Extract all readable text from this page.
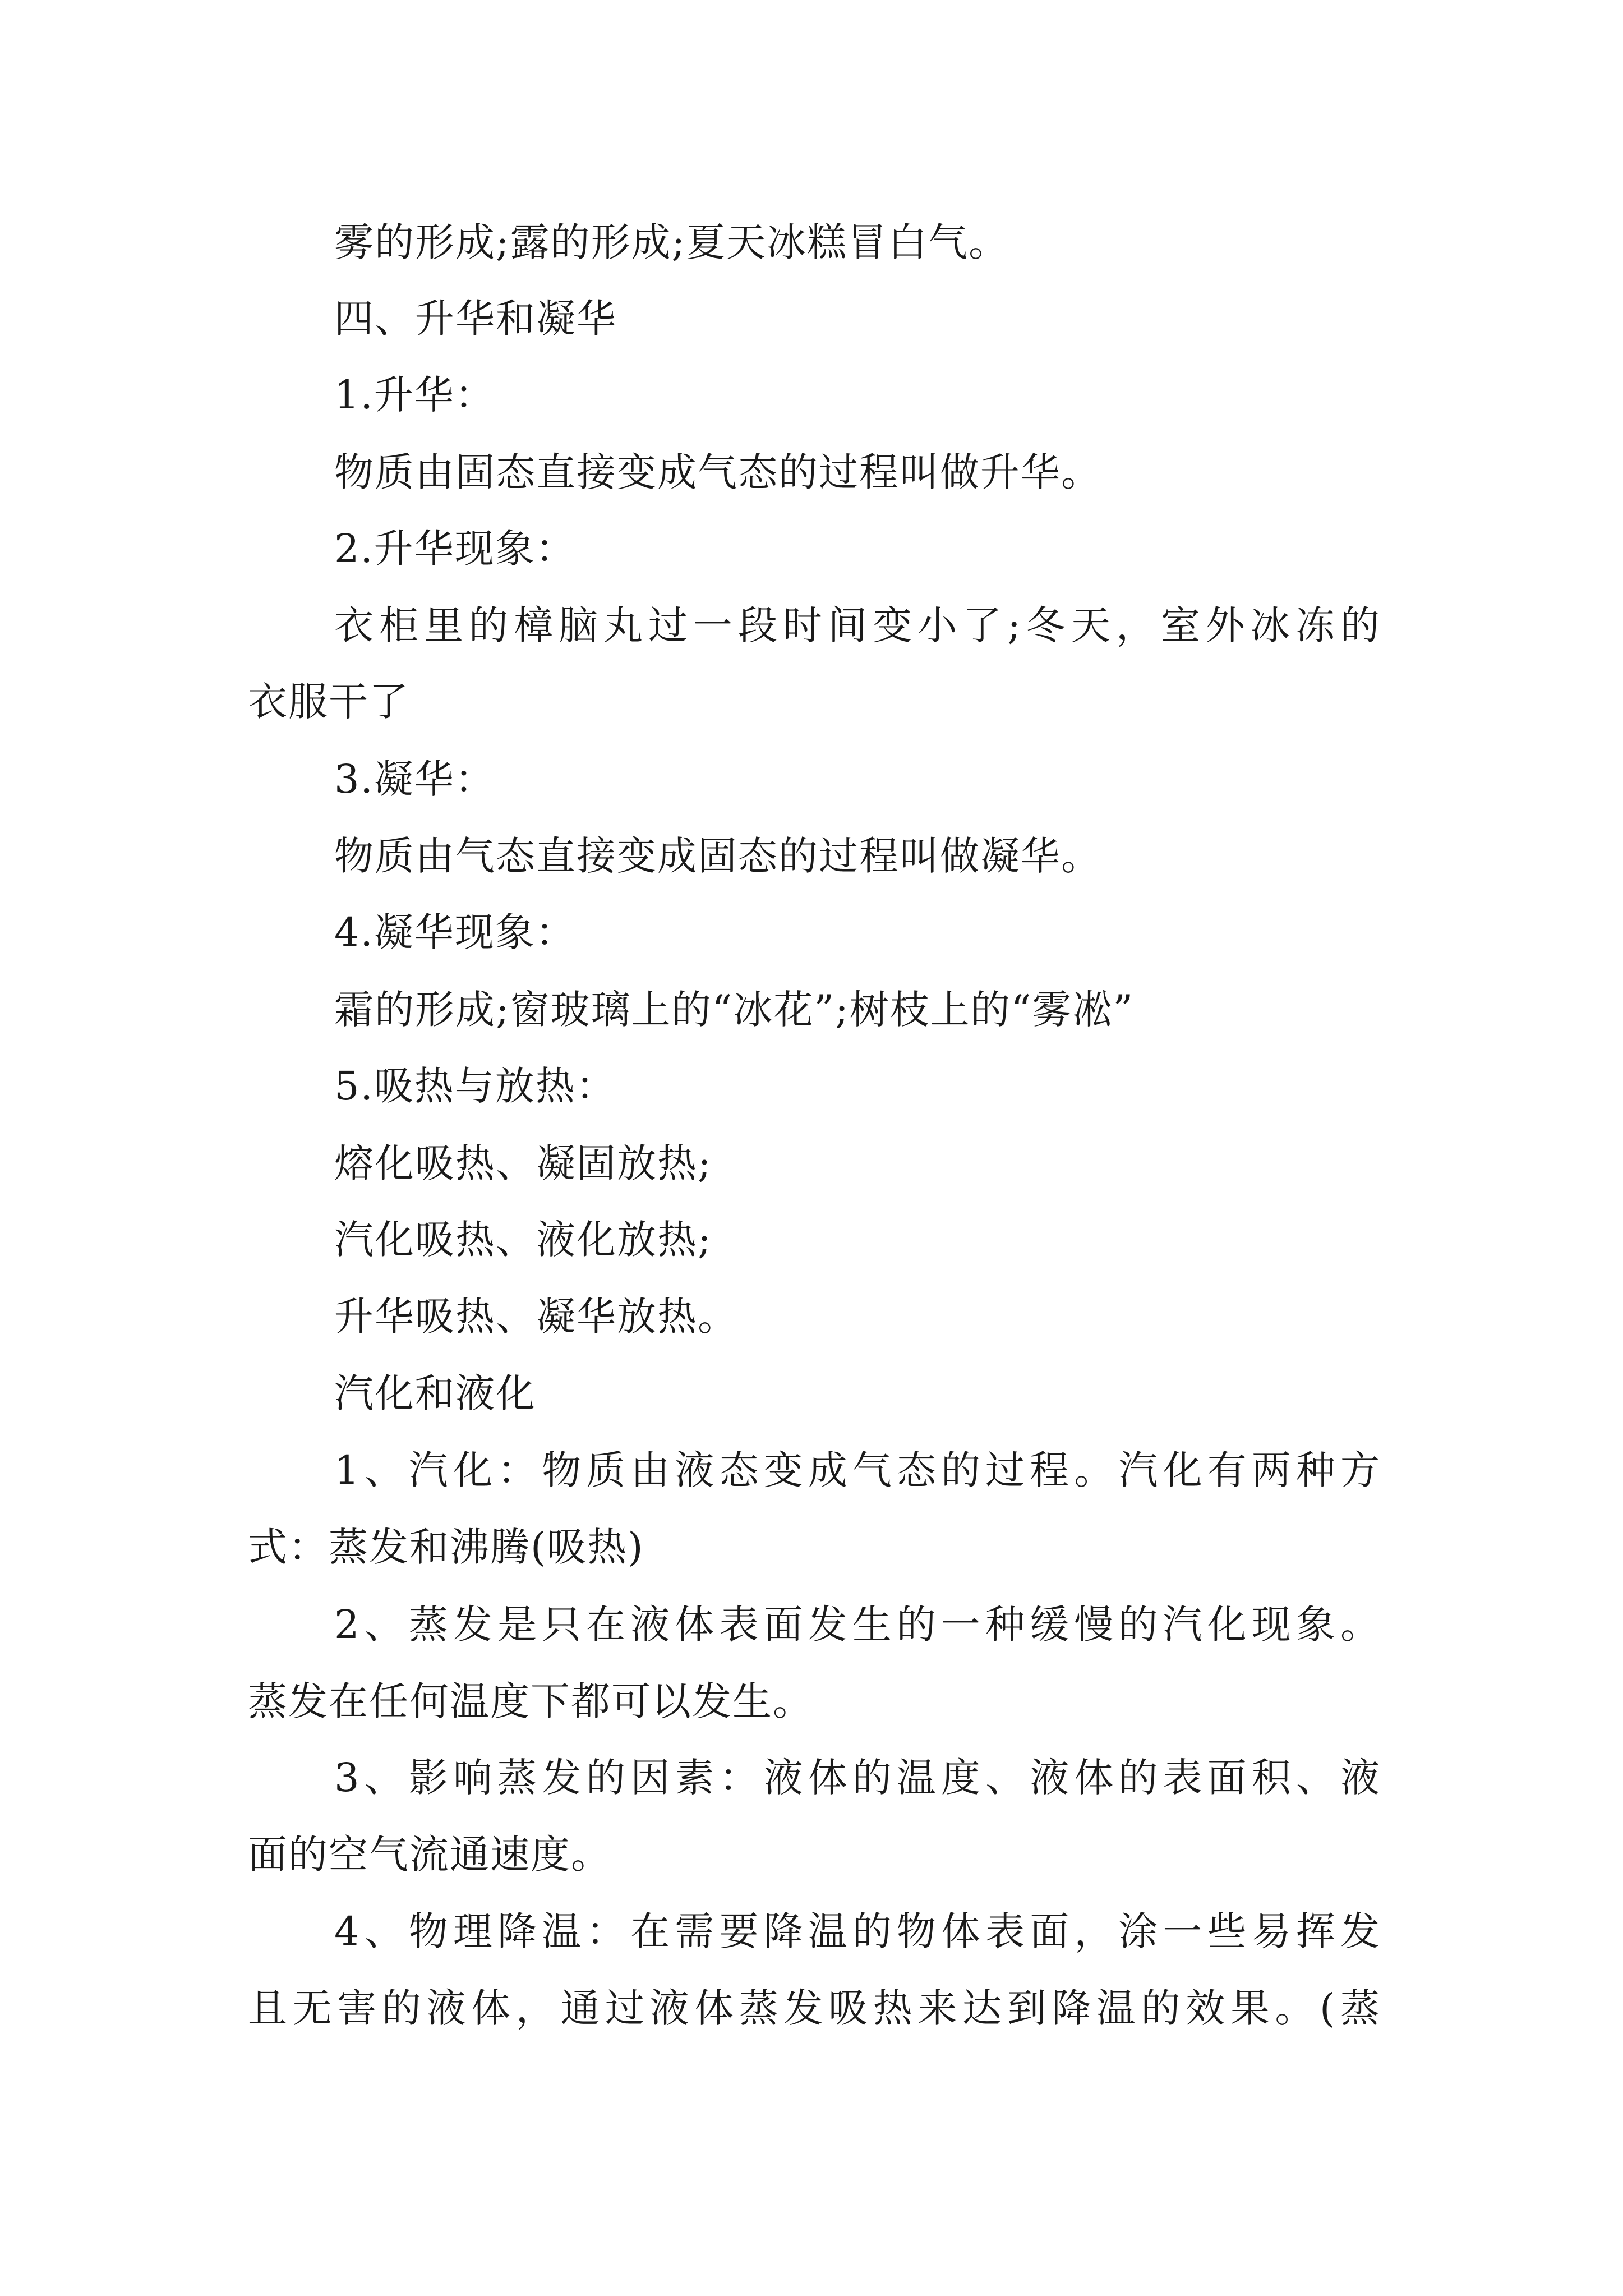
雾的形成;露的形成;夏天冰糕冒白气。
四、升华和凝华
1.升华：
物质由固态直接变成气态的过程叫做升华。
2.升华现象：
衣柜里的樟脑丸过一段时间变小了;冬天，室外冰冻的
衣服干了
3.凝华：
物质由气态直接变成固态的过程叫做凝华。
4.凝华现象：
霜的形成;窗玻璃上的“冰花”;树枝上的“雾凇”
5.吸热与放热：
熔化吸热、凝固放热;
汽化吸热、液化放热;
升华吸热、凝华放热。
汽化和液化
1、汽化：物质由液态变成气态的过程。汽化有两种方
式：蒸发和沸腾(吸热)
2、蒸发是只在液体表面发生的一种缓慢的汽化现象。
蒸发在任何温度下都可以发生。
3、影响蒸发的因素：液体的温度、液体的表面积、液
面的空气流通速度。
4、物理降温：在需要降温的物体表面，涂一些易挥发
且无害的液体，通过液体蒸发吸热来达到降温的效果。(蒸
